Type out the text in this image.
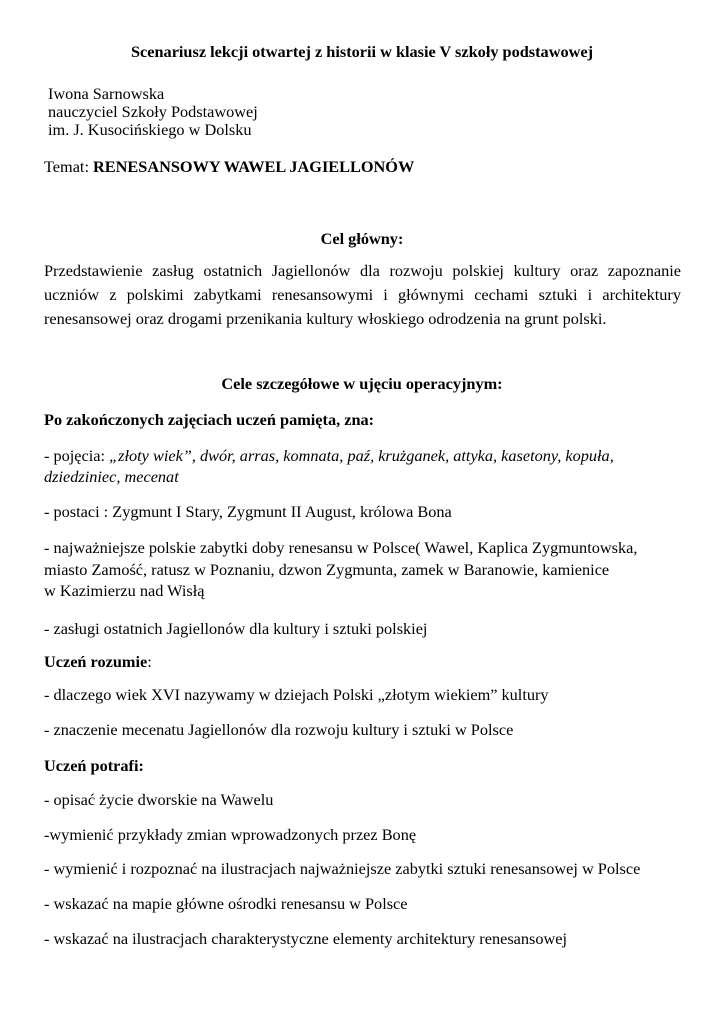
Scenariusz lekcji otwartej z historii w klasie V szkoły podstawowej
Iwona Sarnowska
nauczyciel Szkoły Podstawowej
im. J. Kusocińskiego w Dolsku
Temat: RENESANSOWY WAWEL JAGIELLONÓW
Cel główny:
Przedstawienie zasług ostatnich Jagiellonów dla rozwoju polskiej kultury oraz zapoznanie
uczniów z polskimi zabytkami renesansowymi i głównymi cechami sztuki i architektury
renesansowej oraz drogami przenikania kultury włoskiego odrodzenia na grunt polski.
Cele szczegółowe w ujęciu operacyjnym:
Po zakończonych zajęciach uczeń pamięta, zna:
- pojęcia: „złoty wiek”, dwór, arras, komnata, paź, krużganek, attyka, kasetony, kopuła,
dziedziniec, mecenat
- postaci : Zygmunt I Stary, Zygmunt II August, królowa Bona
- najważniejsze polskie zabytki doby renesansu w Polsce( Wawel, Kaplica Zygmuntowska,
miasto Zamość, ratusz w Poznaniu, dzwon Zygmunta, zamek w Baranowie, kamienice
w Kazimierzu nad Wisłą
- zasługi ostatnich Jagiellonów dla kultury i sztuki polskiej
Uczeń rozumie:
- dlaczego wiek XVI nazywamy w dziejach Polski „złotym wiekiem” kultury
- znaczenie mecenatu Jagiellonów dla rozwoju kultury i sztuki w Polsce
Uczeń potrafi:
- opisać życie dworskie na Wawelu
-wymienić przykłady zmian wprowadzonych przez Bonę
- wymienić i rozpoznać na ilustracjach najważniejsze zabytki sztuki renesansowej w Polsce
- wskazać na mapie główne ośrodki renesansu w Polsce
- wskazać na ilustracjach charakterystyczne elementy architektury renesansowej
